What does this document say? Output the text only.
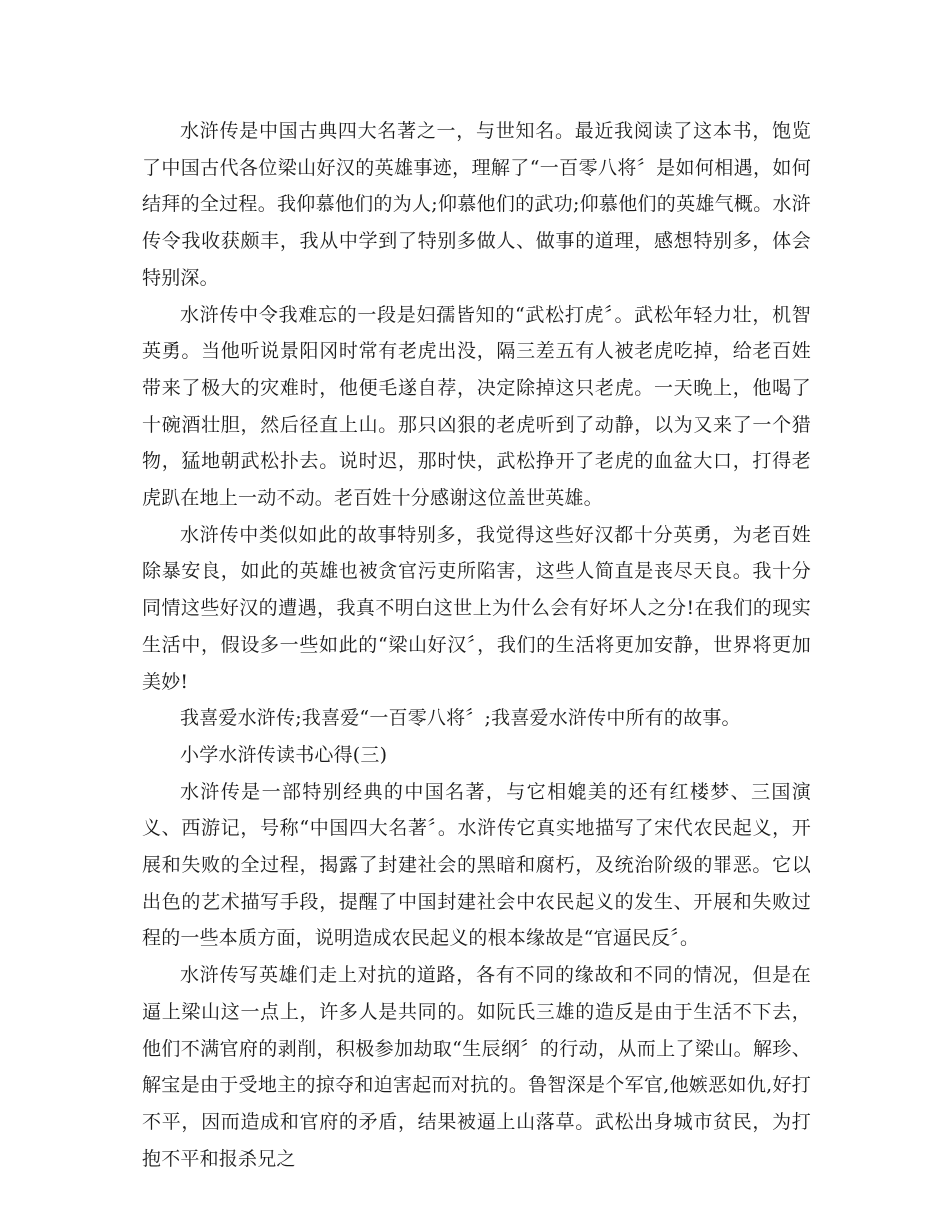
水浒传是中国古典四大名著之一，与世知名。最近我阅读了这本书，饱览了中国古代各位梁山好汉的英雄事迹，理解了“一百零八将〞是如何相遇，如何结拜的全过程。我仰慕他们的为人;仰慕他们的武功;仰慕他们的英雄气概。水浒传令我收获颇丰，我从中学到了特别多做人、做事的道理，感想特别多，体会特别深。

水浒传中令我难忘的一段是妇孺皆知的“武松打虎〞。武松年轻力壮，机智英勇。当他听说景阳冈时常有老虎出没，隔三差五有人被老虎吃掉，给老百姓带来了极大的灾难时，他便毛遂自荐，决定除掉这只老虎。一天晚上，他喝了十碗酒壮胆，然后径直上山。那只凶狠的老虎听到了动静，以为又来了一个猎物，猛地朝武松扑去。说时迟，那时快，武松挣开了老虎的血盆大口，打得老虎趴在地上一动不动。老百姓十分感谢这位盖世英雄。

水浒传中类似如此的故事特别多，我觉得这些好汉都十分英勇，为老百姓除暴安良，如此的英雄也被贪官污吏所陷害，这些人简直是丧尽天良。我十分同情这些好汉的遭遇，我真不明白这世上为什么会有好坏人之分!在我们的现实生活中，假设多一些如此的“梁山好汉〞，我们的生活将更加安静，世界将更加美妙!

我喜爱水浒传;我喜爱“一百零八将〞;我喜爱水浒传中所有的故事。

小学水浒传读书心得(三)

水浒传是一部特别经典的中国名著，与它相媲美的还有红楼梦、三国演义、西游记，号称“中国四大名著〞。水浒传它真实地描写了宋代农民起义，开展和失败的全过程，揭露了封建社会的黑暗和腐朽，及统治阶级的罪恶。它以出色的艺术描写手段，提醒了中国封建社会中农民起义的发生、开展和失败过程的一些本质方面，说明造成农民起义的根本缘故是“官逼民反〞。

水浒传写英雄们走上对抗的道路，各有不同的缘故和不同的情况，但是在逼上梁山这一点上，许多人是共同的。如阮氏三雄的造反是由于生活不下去，他们不满官府的剥削，积极参加劫取“生辰纲〞的行动，从而上了梁山。解珍、解宝是由于受地主的掠夺和迫害起而对抗的。鲁智深是个军官,他嫉恶如仇,好打不平，因而造成和官府的矛盾，结果被逼上山落草。武松出身城市贫民，为打抱不平和报杀兄之
